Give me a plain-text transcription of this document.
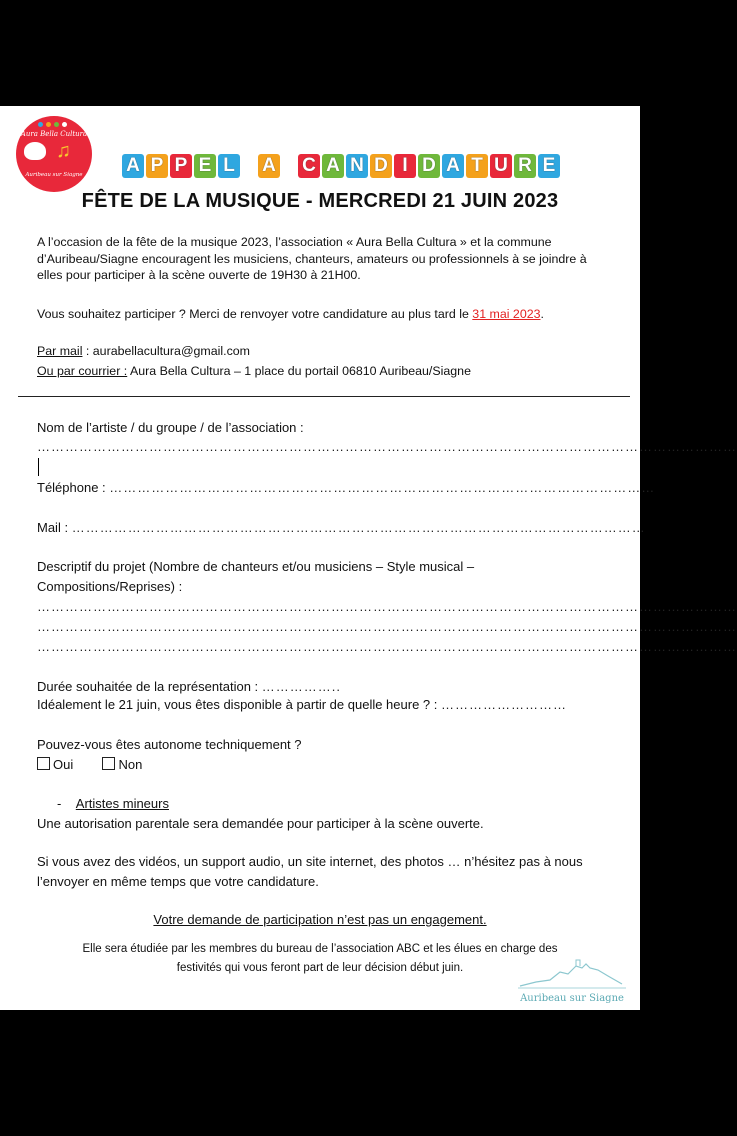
Aura Bella Cultura
♫
Auribeau sur Siagne	A P P E L A C A N D I D A T U R E
FÊTE DE LA MUSIQUE - MERCREDI 21 JUIN 2023
A l’occasion de la fête de la musique 2023, l’association « Aura Bella Cultura » et la commune d’Auribeau/Siagne encouragent les musiciens, chanteurs, amateurs ou professionnels à se joindre à elles pour participer à la scène ouverte de 19H30 à 21H00.
Vous souhaitez participer ? Merci de renvoyer votre candidature au plus tard le 31 mai 2023.
Par mail : aurabellacultura@gmail.com
Ou par courrier : Aura Bella Cultura – 1 place du portail 06810 Auribeau/Siagne
Nom de l’artiste / du groupe / de l’association :
……………………………………………………………………………………………………………………………………
Téléphone : ………………………………………………………………………………………………………
Mail : ……………………………………………………………………………………………………………
Descriptif du projet (Nombre de chanteurs et/ou musiciens – Style musical –
Compositions/Reprises) :
……………………………………………………………………………………………………………………………………
……………………………………………………………………………………………………………………………………
……………………………………………………………………………………………………………………………………
Durée souhaitée de la représentation : ……………..
Idéalement le 21 juin, vous êtes disponible à partir de quelle heure ? : ………………………
Pouvez-vous êtes autonome techniquement ?
Oui	Non
-    Artistes mineurs
Une autorisation parentale sera demandée pour participer à la scène ouverte.
Si vous avez des vidéos, un support audio, un site internet, des photos … n’hésitez pas à nous l’envoyer en même temps que votre candidature.
Votre demande de participation n’est pas un engagement.
Elle sera étudiée par les membres du bureau de l’association ABC et les élues en charge des
festivités qui vous feront part de leur décision début juin.
Auribeau sur Siagne
